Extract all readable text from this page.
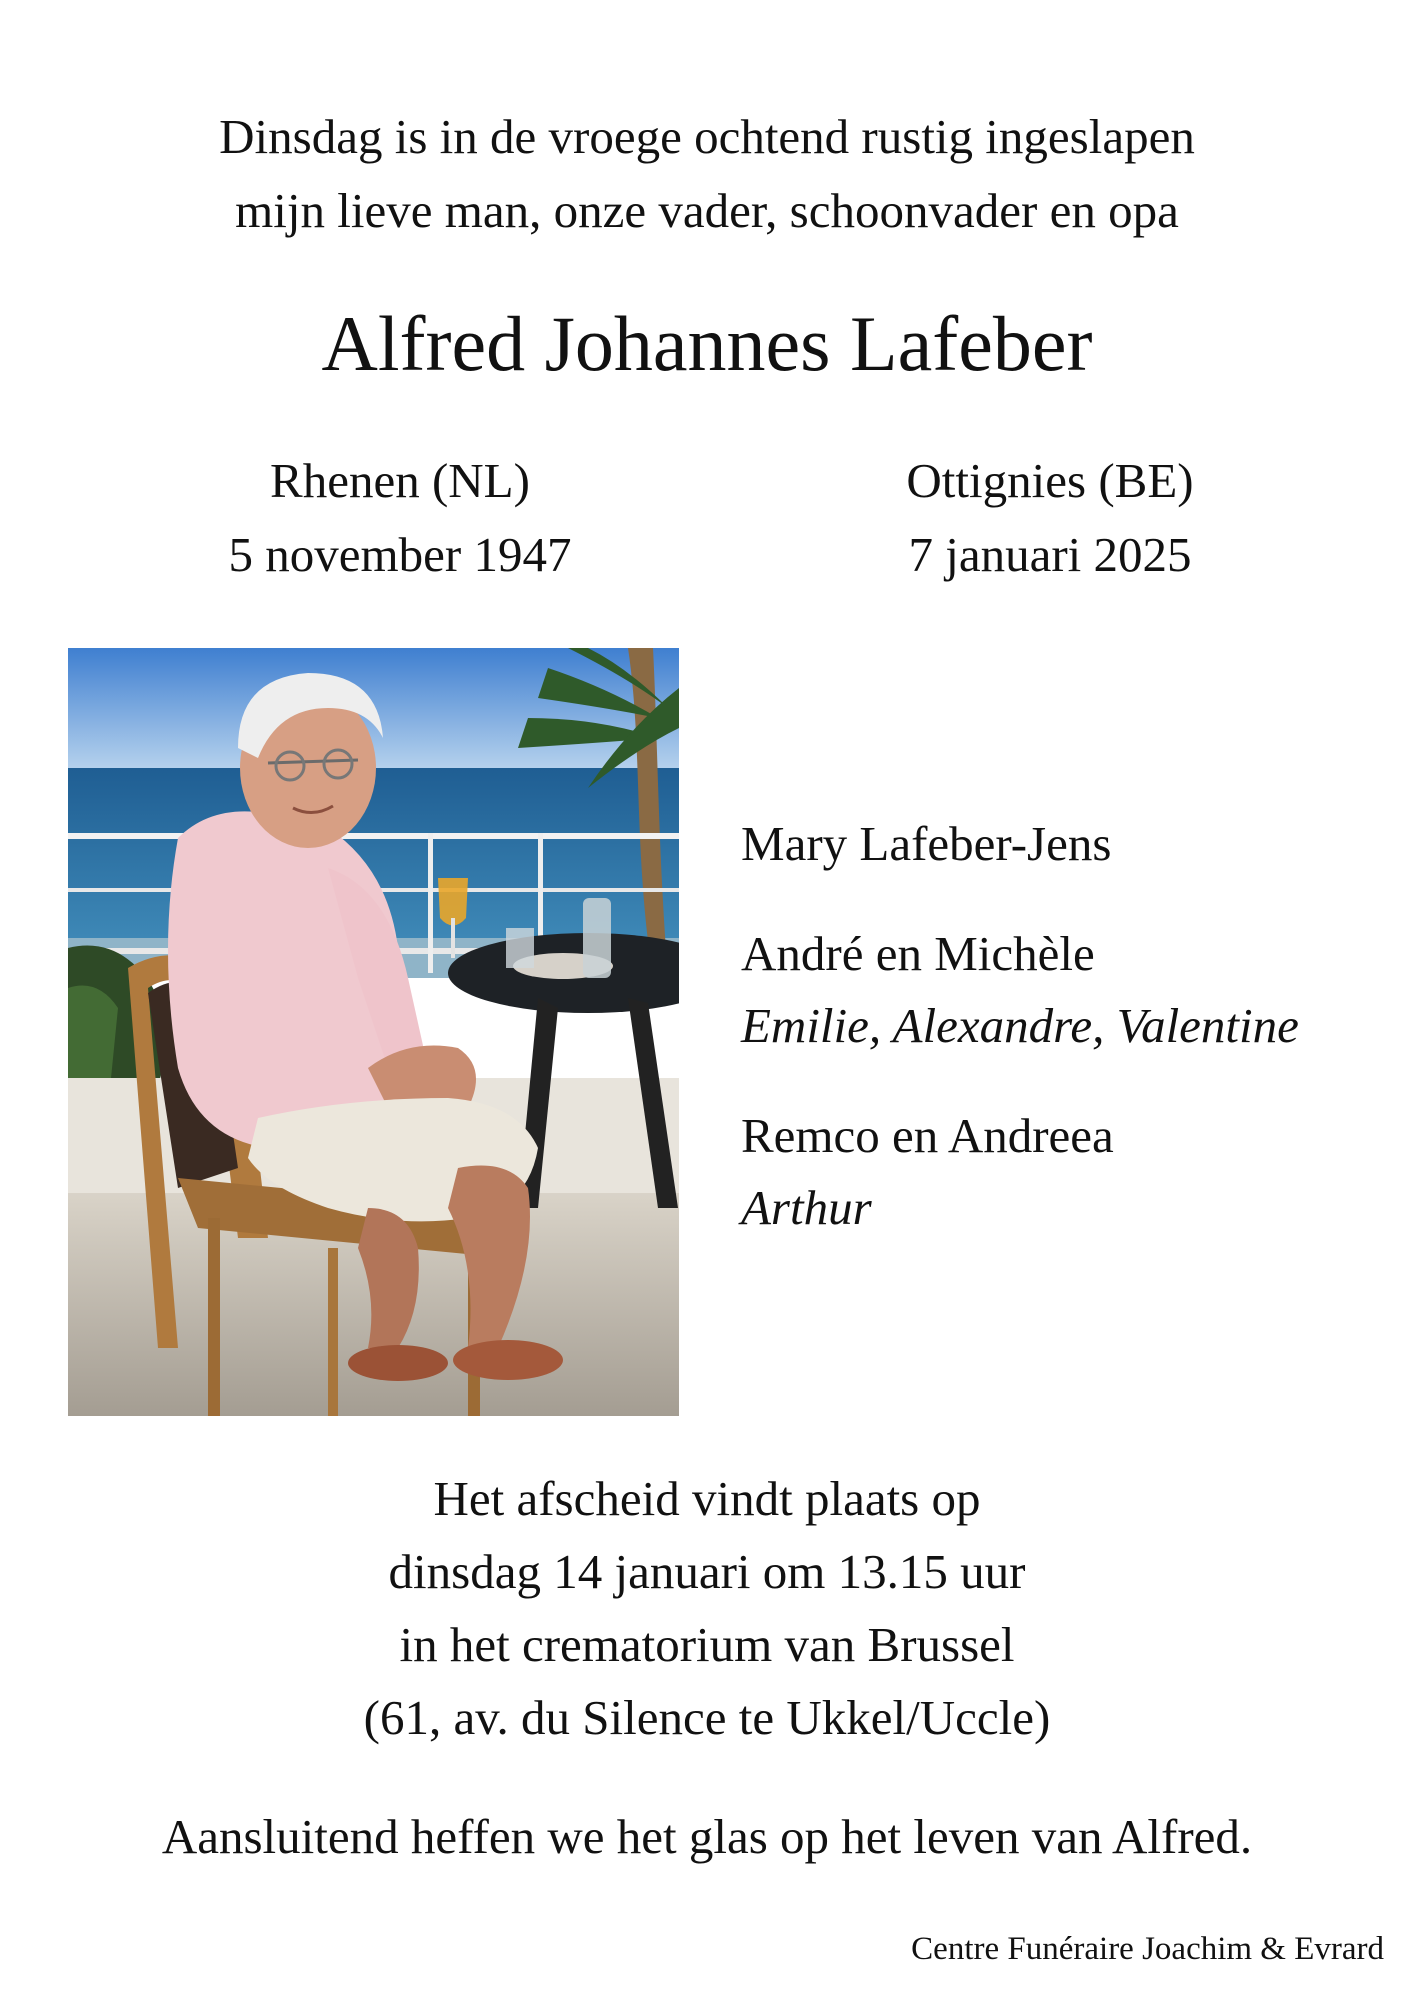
Dinsdag is in de vroege ochtend rustig ingeslapen
mijn lieve man, onze vader, schoonvader en opa
Alfred Johannes Lafeber
Rhenen (NL)
5 november 1947
Ottignies (BE)
7 januari 2025
Mary Lafeber-Jens
André en Michèle
Emilie, Alexandre, Valentine
Remco en Andreea
Arthur
Het afscheid vindt plaats op
dinsdag 14 januari om 13.15 uur
in het crematorium van Brussel
(61, av. du Silence te Ukkel/Uccle)
Aansluitend heffen we het glas op het leven van Alfred.
Centre Funéraire Joachim & Evrard
